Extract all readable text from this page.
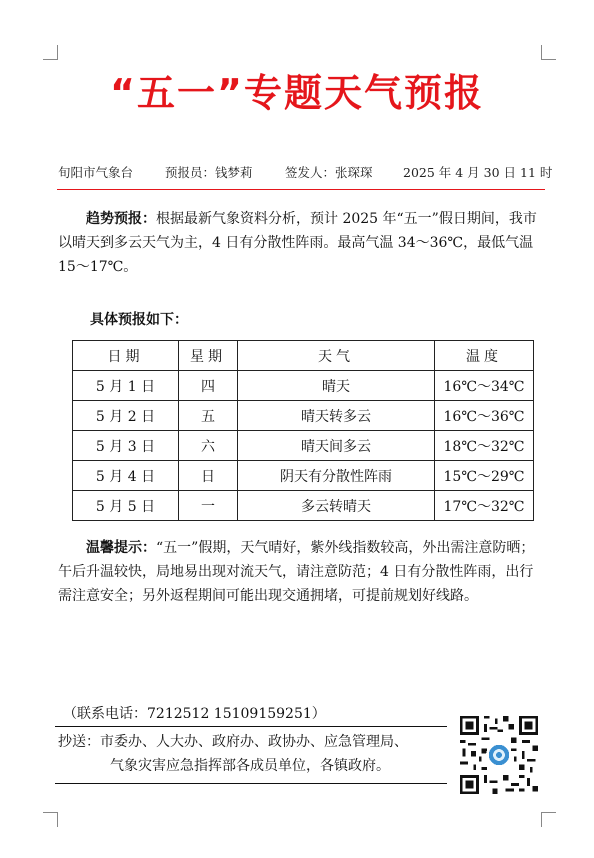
“五一”专题天气预报
旬阳市气象台	预报员：钱梦莉	签发人：张琛琛 2025 年 4 月 30 日 11 时
趋势预报：根据最新气象资料分析，预计 2025 年“五一”假日期间，我市以晴天到多云天气为主，4 日有分散性阵雨。最高气温 34～36℃，最低气温 15～17℃。
具体预报如下：
日期	星期	天气	温度
5 月 1 日	四	晴天	16℃～34℃
5 月 2 日	五	晴天转多云	16℃～36℃
5 月 3 日	六	晴天间多云	18℃～32℃
5 月 4 日	日	阴天有分散性阵雨	15℃～29℃
5 月 5 日	一	多云转晴天	17℃～32℃
温馨提示：“五一”假期，天气晴好，紫外线指数较高，外出需注意防晒；午后升温较快，局地易出现对流天气，请注意防范；4 日有分散性阵雨，出行需注意安全；另外返程期间可能出现交通拥堵，可提前规划好线路。
（联系电话：7212512 15109159251）
抄送：市委办、人大办、政府办、政协办、应急管理局、
气象灾害应急指挥部各成员单位，各镇政府。
